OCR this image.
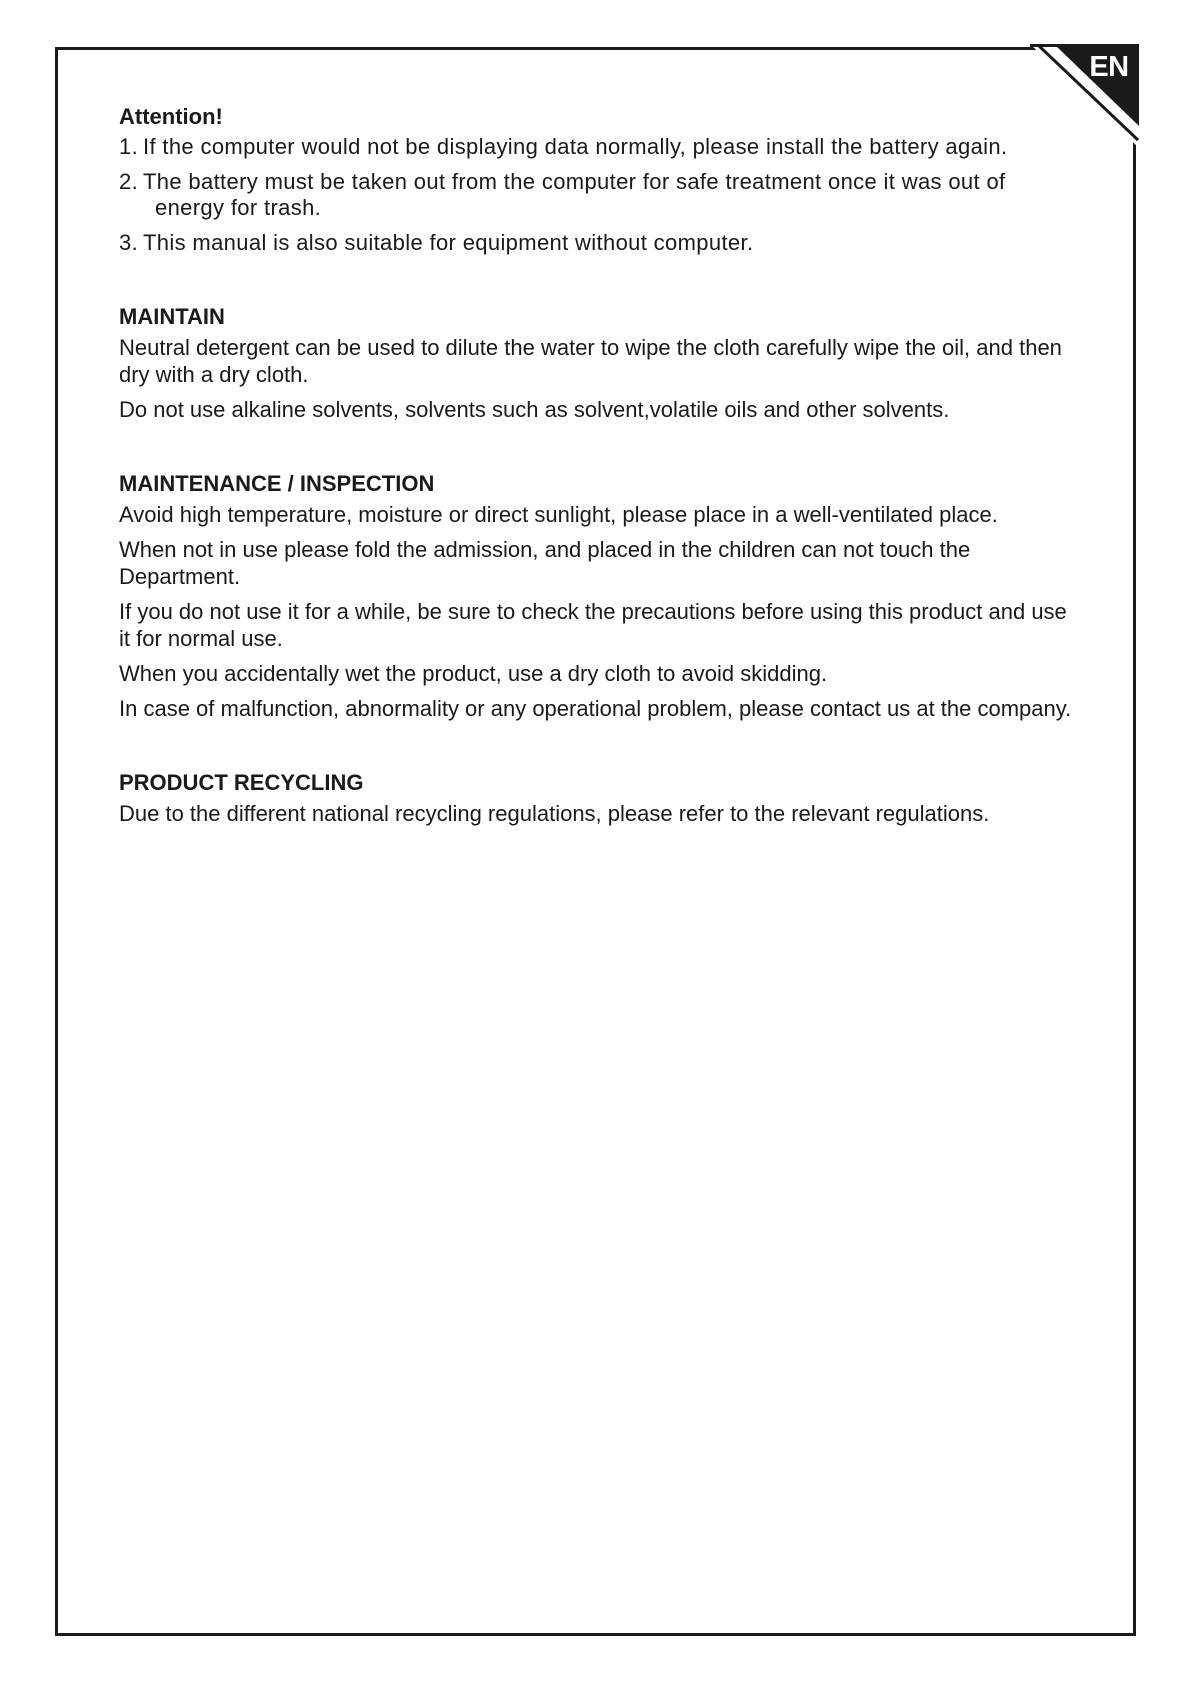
EN
Attention!
1. If the computer would not be displaying data normally, please install the battery again.
2. The battery must be taken out from the computer for safe treatment once it was out of energy for trash.
3. This manual is also suitable for equipment without computer.
MAINTAIN

Neutral detergent can be used to dilute the water to wipe the cloth carefully wipe the oil, and then dry with a dry cloth.

Do not use alkaline solvents, solvents such as solvent,volatile oils and other solvents.

MAINTENANCE / INSPECTION

Avoid high temperature, moisture or direct sunlight, please place in a well-ventilated place.

When not in use please fold the admission, and placed in the children can not touch the Department.

If you do not use it for a while, be sure to check the precautions before using this product and use it for normal use.

When you accidentally wet the product, use a dry cloth to avoid skidding.

In case of malfunction, abnormality or any operational problem, please contact us at the company.

PRODUCT RECYCLING

Due to the different national recycling regulations, please refer to the relevant regulations.
